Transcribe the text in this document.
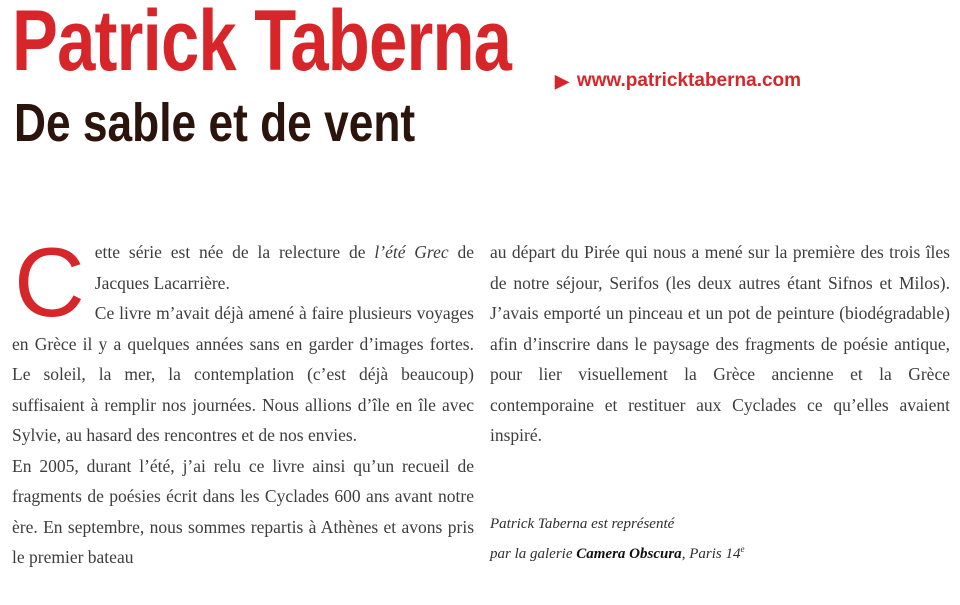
Patrick Taberna ▶ www.patricktaberna.com
De sable et de vent

Cette série est née de la relecture de l’été Grec de Jacques Lacarrière.

Ce livre m’avait déjà amené à faire plusieurs voyages en Grèce il y a quelques années sans en garder d’images fortes. Le soleil, la mer, la contemplation (c’est déjà beaucoup) suffisaient à remplir nos journées. Nous allions d’île en île avec Sylvie, au hasard des rencontres et de nos envies.

En 2005, durant l’été, j’ai relu ce livre ainsi qu’un recueil de fragments de poésies écrit dans les Cyclades 600 ans avant notre ère. En septembre, nous sommes repartis à Athènes et avons pris le premier bateau

au départ du Pirée qui nous a mené sur la première des trois îles de notre séjour, Serifos (les deux autres étant Sifnos et Milos). J’avais emporté un pinceau et un pot de peinture (biodégradable) afin d’inscrire dans le paysage des fragments de poésie antique, pour lier visuellement la Grèce ancienne et la Grèce contemporaine et restituer aux Cyclades ce qu’elles avaient inspiré.

Patrick Taberna est représenté
par la galerie Camera Obscura, Paris 14e
